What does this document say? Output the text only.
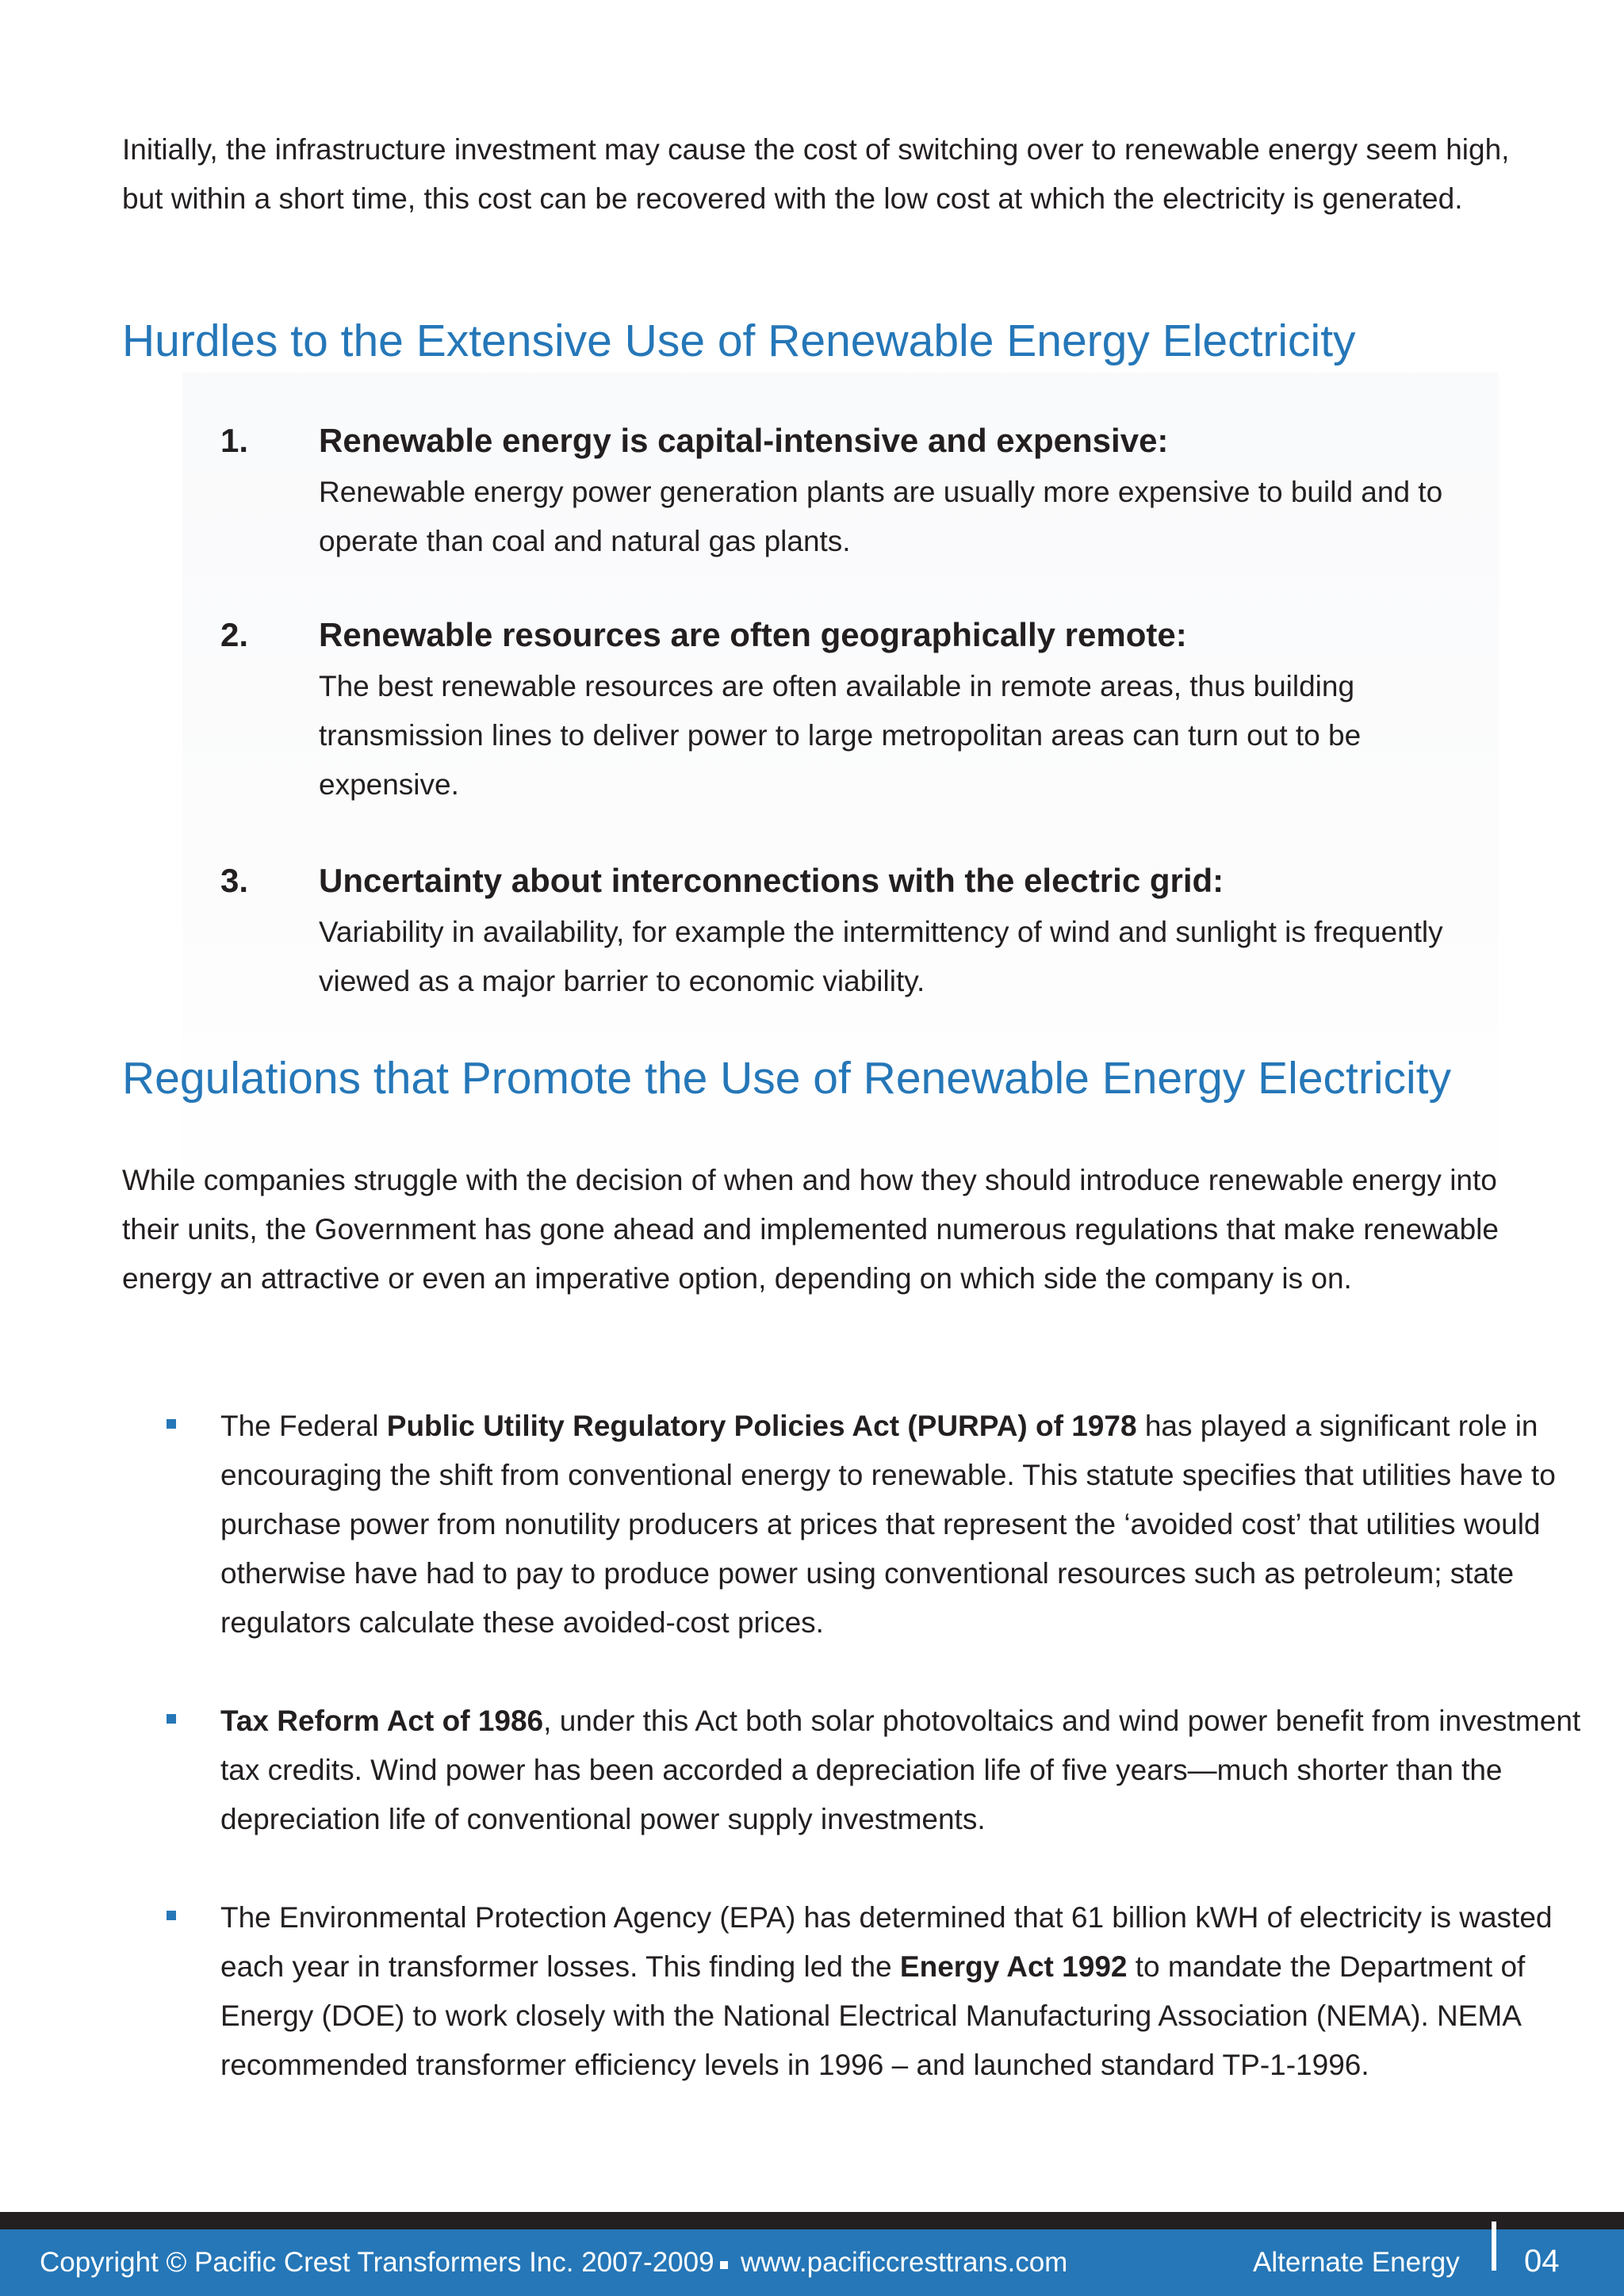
Initially, the infrastructure investment may cause the cost of switching over to renewable energy seem high, but within a short time, this cost can be recovered with the low cost at which the electricity is generated.

Hurdles to the Extensive Use of Renewable Energy Electricity
1. Renewable energy is capital-intensive and expensive:

Renewable energy power generation plants are usually more expensive to build and to operate than coal and natural gas plants.

2. Renewable resources are often geographically remote:

The best renewable resources are often available in remote areas, thus building transmission lines to deliver power to large metropolitan areas can turn out to be expensive.

3. Uncertainty about interconnections with the electric grid:

Variability in availability, for example the intermittency of wind and sunlight is frequently viewed as a major barrier to economic viability.

Regulations that Promote the Use of Renewable Energy Electricity

While companies struggle with the decision of when and how they should introduce renewable energy into their units, the Government has gone ahead and implemented numerous regulations that make renewable energy an attractive or even an imperative option, depending on which side the company is on.

The Federal Public Utility Regulatory Policies Act (PURPA) of 1978 has played a significant role in encouraging the shift from conventional energy to renewable. This statute specifies that utilities have to purchase power from nonutility producers at prices that represent the ‘avoided cost’ that utilities would otherwise have had to pay to produce power using conventional resources such as petroleum; state regulators calculate these avoided-cost prices.

Tax Reform Act of 1986, under this Act both solar photovoltaics and wind power benefit from investment tax credits. Wind power has been accorded a depreciation life of five years—much shorter than the depreciation life of conventional power supply investments.

The Environmental Protection Agency (EPA) has determined that 61 billion kWH of electricity is wasted each year in transformer losses. This finding led the Energy Act 1992 to mandate the Department of Energy (DOE) to work closely with the National Electrical Manufacturing Association (NEMA). NEMA recommended transformer efficiency levels in 1996 – and launched standard TP-1-1996.

Copyright © Pacific Crest Transformers Inc. 2007-2009 www.pacificcresttrans.com	Alternate Energy 04
